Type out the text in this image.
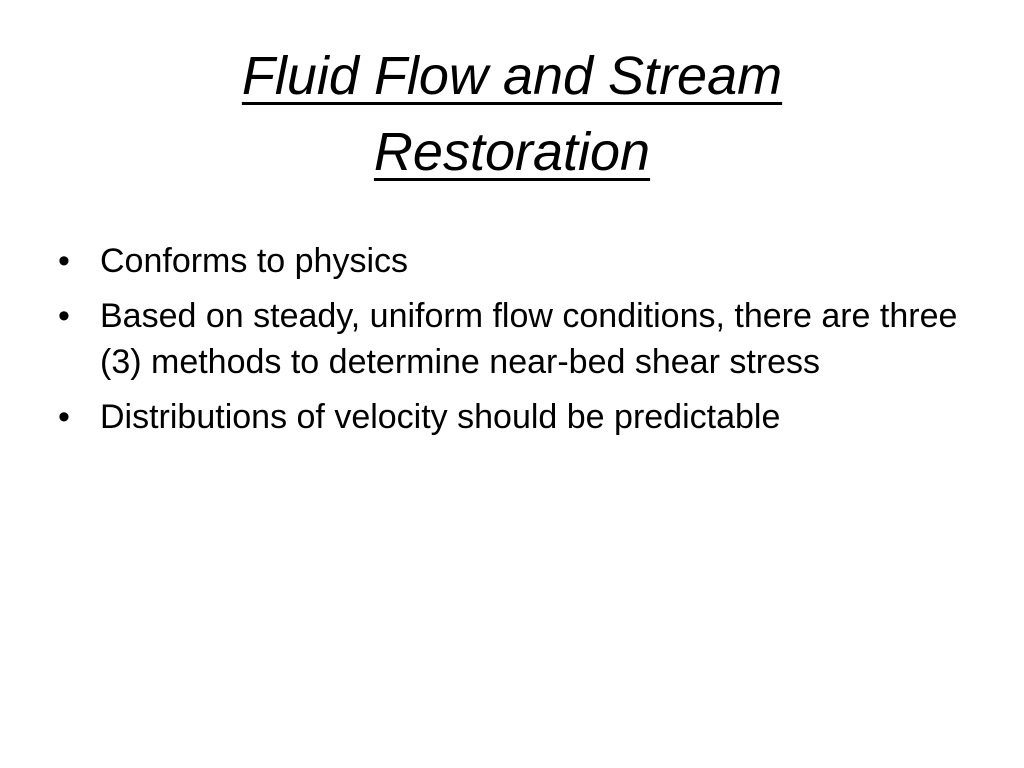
Fluid Flow and Stream
Restoration
• Conforms to physics
• Based on steady, uniform flow conditions, there are three (3) methods to determine near-bed shear stress
• Distributions of velocity should be predictable
